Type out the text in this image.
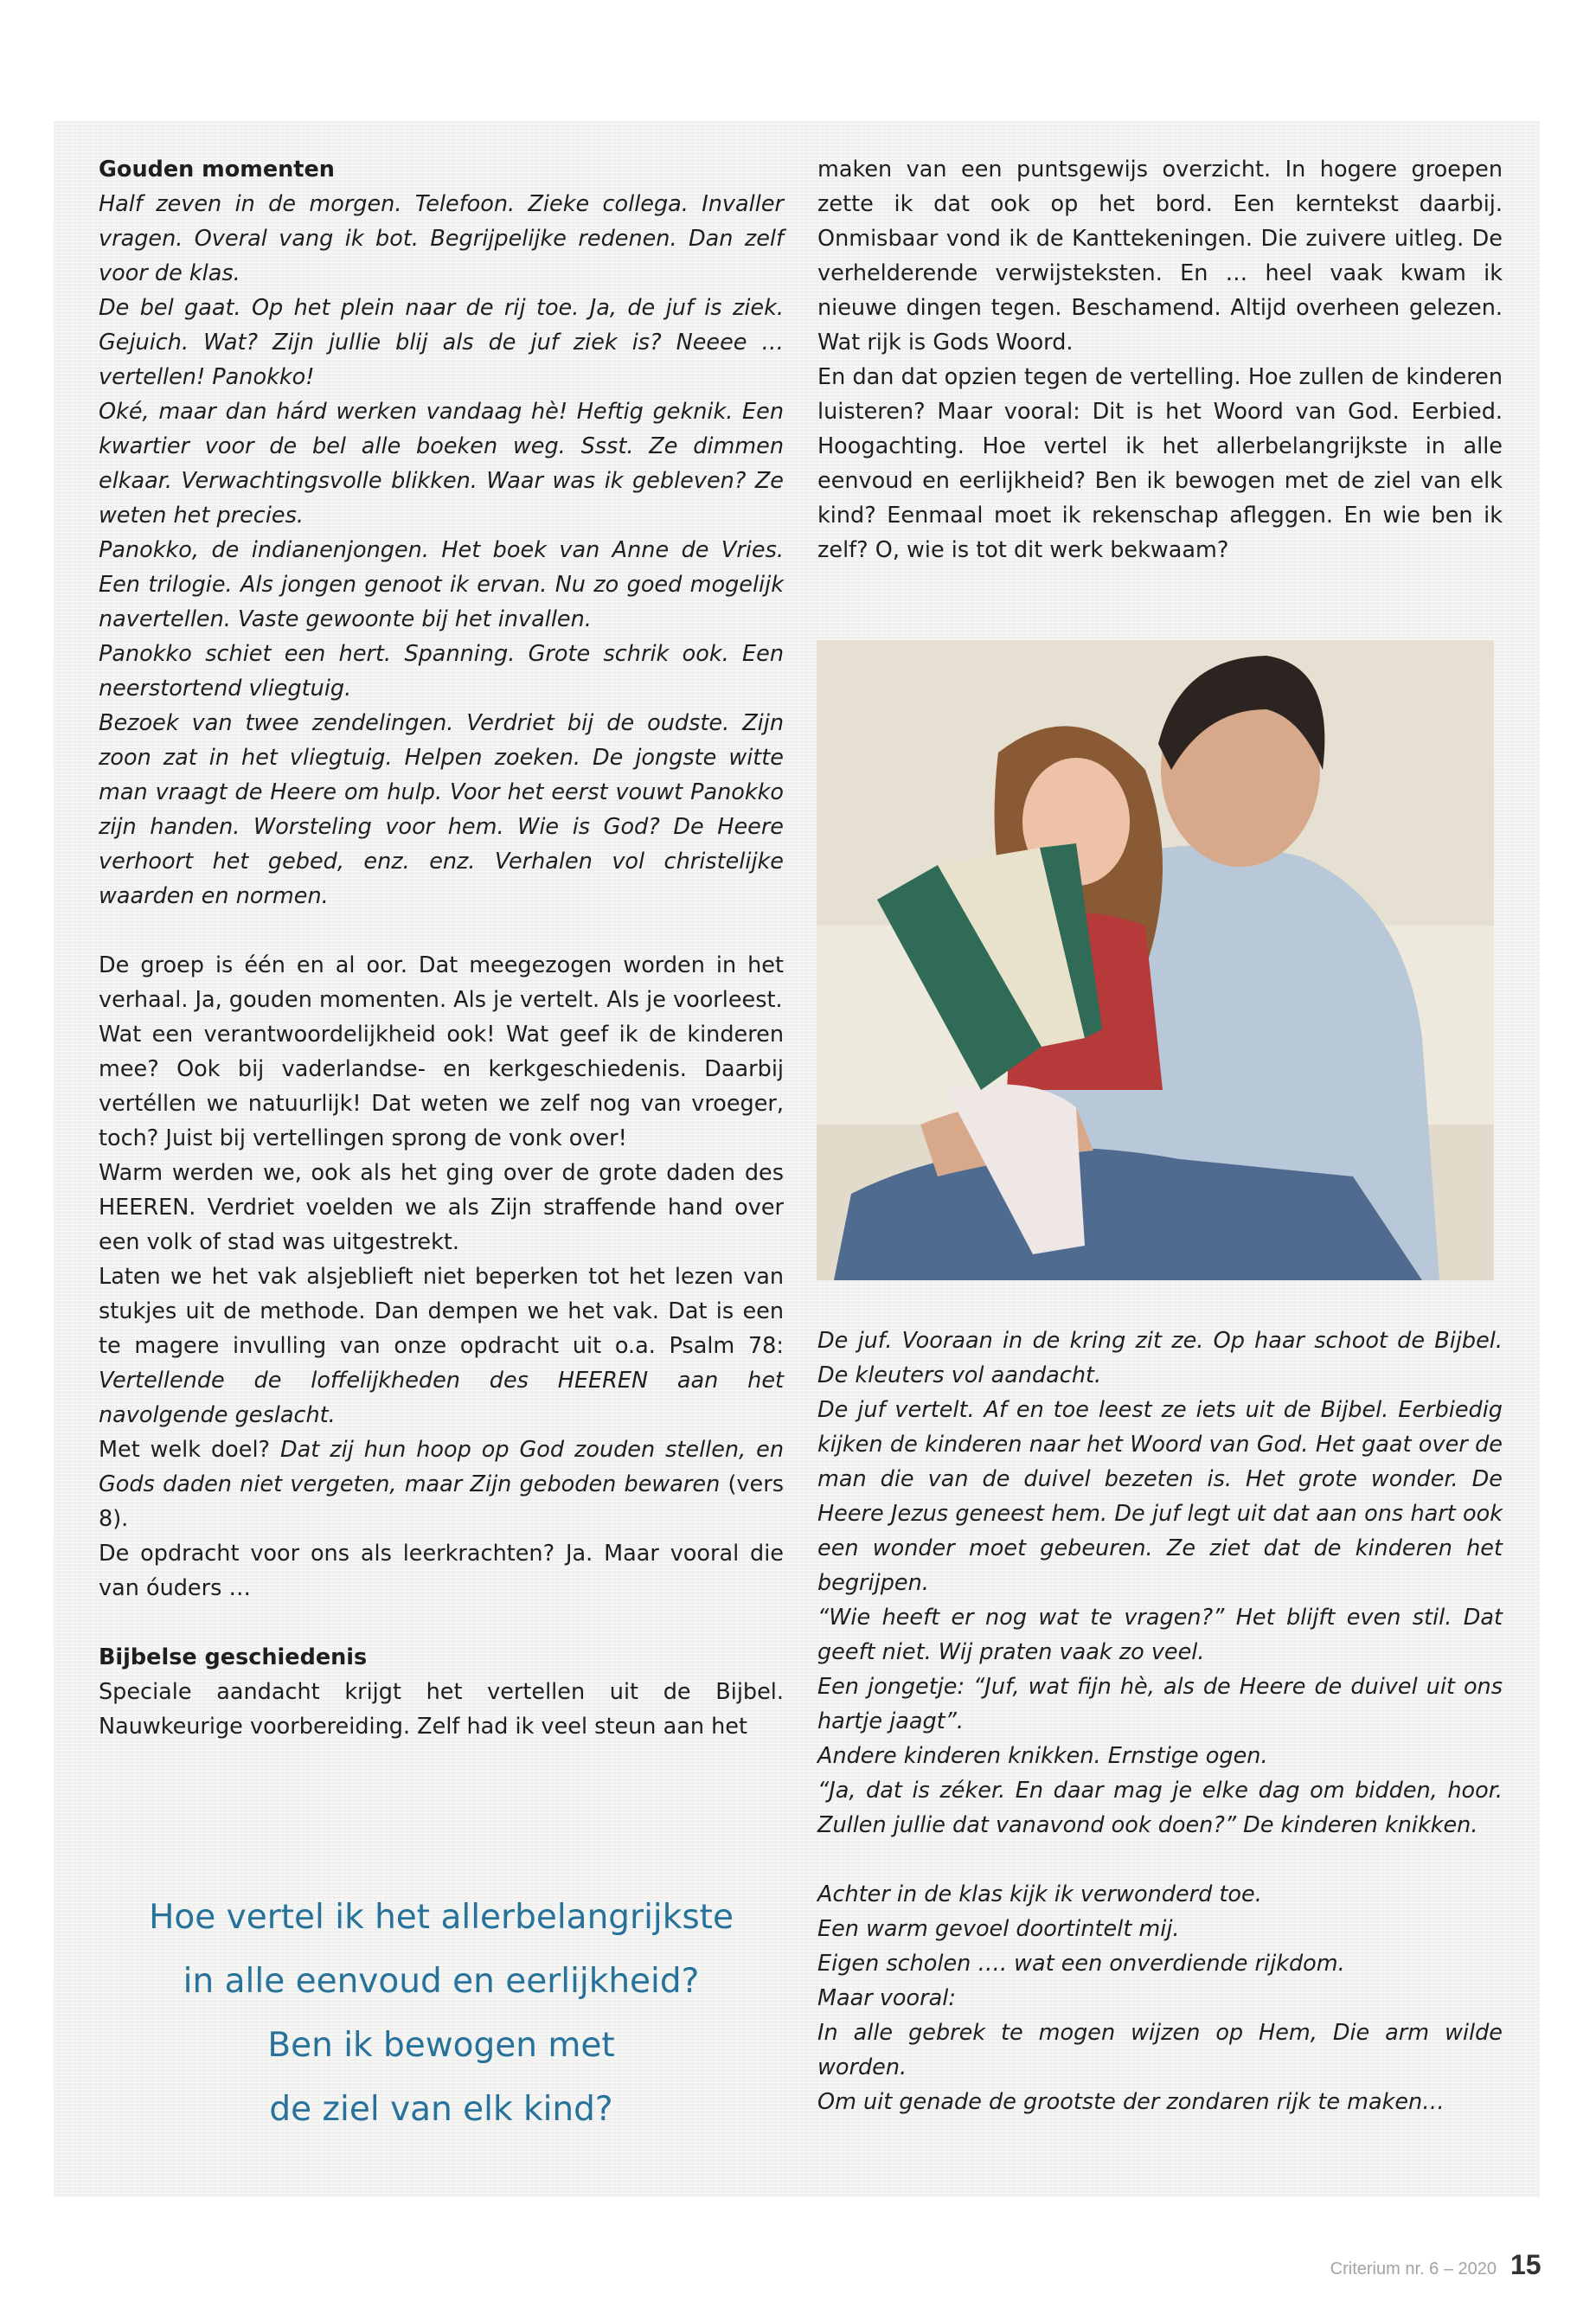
Gouden momenten

Half zeven in de morgen. Telefoon. Zieke collega. Invaller vragen. Overal vang ik bot. Begrijpelijke redenen. Dan zelf voor de klas.

De bel gaat. Op het plein naar de rij toe. Ja, de juf is ziek. Gejuich. Wat? Zijn jullie blij als de juf ziek is? Neeee … vertellen! Panokko!

Oké, maar dan hárd werken vandaag hè! Heftig geknik. Een kwartier voor de bel alle boeken weg. Ssst. Ze dimmen elkaar. Verwachtingsvolle blikken. Waar was ik gebleven? Ze weten het precies.

Panokko, de indianenjongen. Het boek van Anne de Vries. Een trilogie. Als jongen genoot ik ervan. Nu zo goed mogelijk navertellen. Vaste gewoonte bij het invallen.

Panokko schiet een hert. Spanning. Grote schrik ook. Een neerstortend vliegtuig.

Bezoek van twee zendelingen. Verdriet bij de oudste. Zijn zoon zat in het vliegtuig. Helpen zoeken. De jongste witte man vraagt de Heere om hulp. Voor het eerst vouwt Panokko zijn handen. Worsteling voor hem. Wie is God? De Heere verhoort het gebed, enz. enz. Verhalen vol christelijke waarden en normen.

De groep is één en al oor. Dat meegezogen worden in het verhaal. Ja, gouden momenten. Als je vertelt. Als je voorleest.

Wat een verantwoordelijkheid ook! Wat geef ik de kinderen mee? Ook bij vaderlandse- en kerkgeschiedenis. Daarbij vertéllen we natuurlijk! Dat weten we zelf nog van vroeger, toch? Juist bij vertellingen sprong de vonk over!

Warm werden we, ook als het ging over de grote daden des HEEREN. Verdriet voelden we als Zijn straffende hand over een volk of stad was uitgestrekt.

Laten we het vak alsjeblieft niet beperken tot het lezen van stukjes uit de methode. Dan dempen we het vak. Dat is een te magere invulling van onze opdracht uit o.a. Psalm 78: Vertellende de loffelijkheden des HEEREN aan het navolgende geslacht.

Met welk doel? Dat zij hun hoop op God zouden stellen, en Gods daden niet vergeten, maar Zijn geboden bewaren (vers 8).

De opdracht voor ons als leerkrachten? Ja. Maar vooral die van óuders …

Bijbelse geschiedenis

Speciale aandacht krijgt het vertellen uit de Bijbel. Nauwkeurige voorbereiding. Zelf had ik veel steun aan het

maken van een puntsgewijs overzicht. In hogere groepen zette ik dat ook op het bord. Een kerntekst daarbij. Onmisbaar vond ik de Kanttekeningen. Die zuivere uitleg. De verhelderende verwijsteksten. En … heel vaak kwam ik nieuwe dingen tegen. Beschamend. Altijd overheen gelezen. Wat rijk is Gods Woord.

En dan dat opzien tegen de vertelling. Hoe zullen de kinderen luisteren? Maar vooral: Dit is het Woord van God. Eerbied. Hoogachting. Hoe vertel ik het allerbelangrijkste in alle eenvoud en eerlijkheid? Ben ik bewogen met de ziel van elk kind? Eenmaal moet ik rekenschap afleggen. En wie ben ik zelf? O, wie is tot dit werk bekwaam?

De juf. Vooraan in de kring zit ze. Op haar schoot de Bijbel. De kleuters vol aandacht.

De juf vertelt. Af en toe leest ze iets uit de Bijbel. Eerbiedig kijken de kinderen naar het Woord van God. Het gaat over de man die van de duivel bezeten is. Het grote wonder. De Heere Jezus geneest hem. De juf legt uit dat aan ons hart ook een wonder moet gebeuren. Ze ziet dat de kinderen het begrijpen.

“Wie heeft er nog wat te vragen?” Het blijft even stil. Dat geeft niet. Wij praten vaak zo veel.

Een jongetje: “Juf, wat fijn hè, als de Heere de duivel uit ons hartje jaagt”.

Andere kinderen knikken. Ernstige ogen.

“Ja, dat is zéker. En daar mag je elke dag om bidden, hoor. Zullen jullie dat vanavond ook doen?” De kinderen knikken.

Achter in de klas kijk ik verwonderd toe.

Een warm gevoel doortintelt mij.

Eigen scholen …. wat een onverdiende rijkdom.

Maar vooral:

In alle gebrek te mogen wijzen op Hem, Die arm wilde worden.

Om uit genade de grootste der zondaren rijk te maken…

Hoe vertel ik het allerbelangrijkste

in alle eenvoud en eerlijkheid?

Ben ik bewogen met

de ziel van elk kind?

Criterium nr. 6 – 2020 15
